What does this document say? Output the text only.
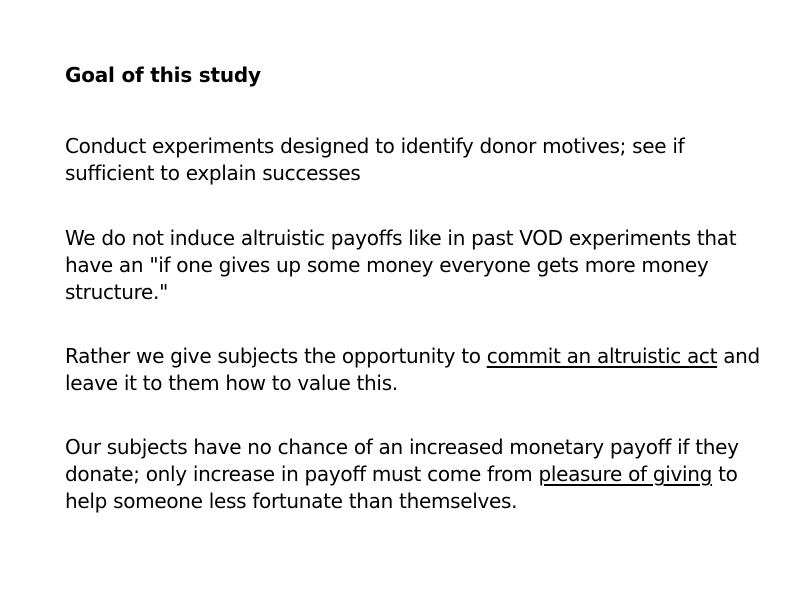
Goal of this study

Conduct experiments designed to identify donor motives; see if sufficient to explain successes

We do not induce altruistic payoffs like in past VOD experiments that have an "if one gives up some money everyone gets more money structure."

Rather we give subjects the opportunity to commit an altruistic act and leave it to them how to value this.

Our subjects have no chance of an increased monetary payoff if they donate; only increase in payoff must come from pleasure of giving to help someone less fortunate than themselves.
